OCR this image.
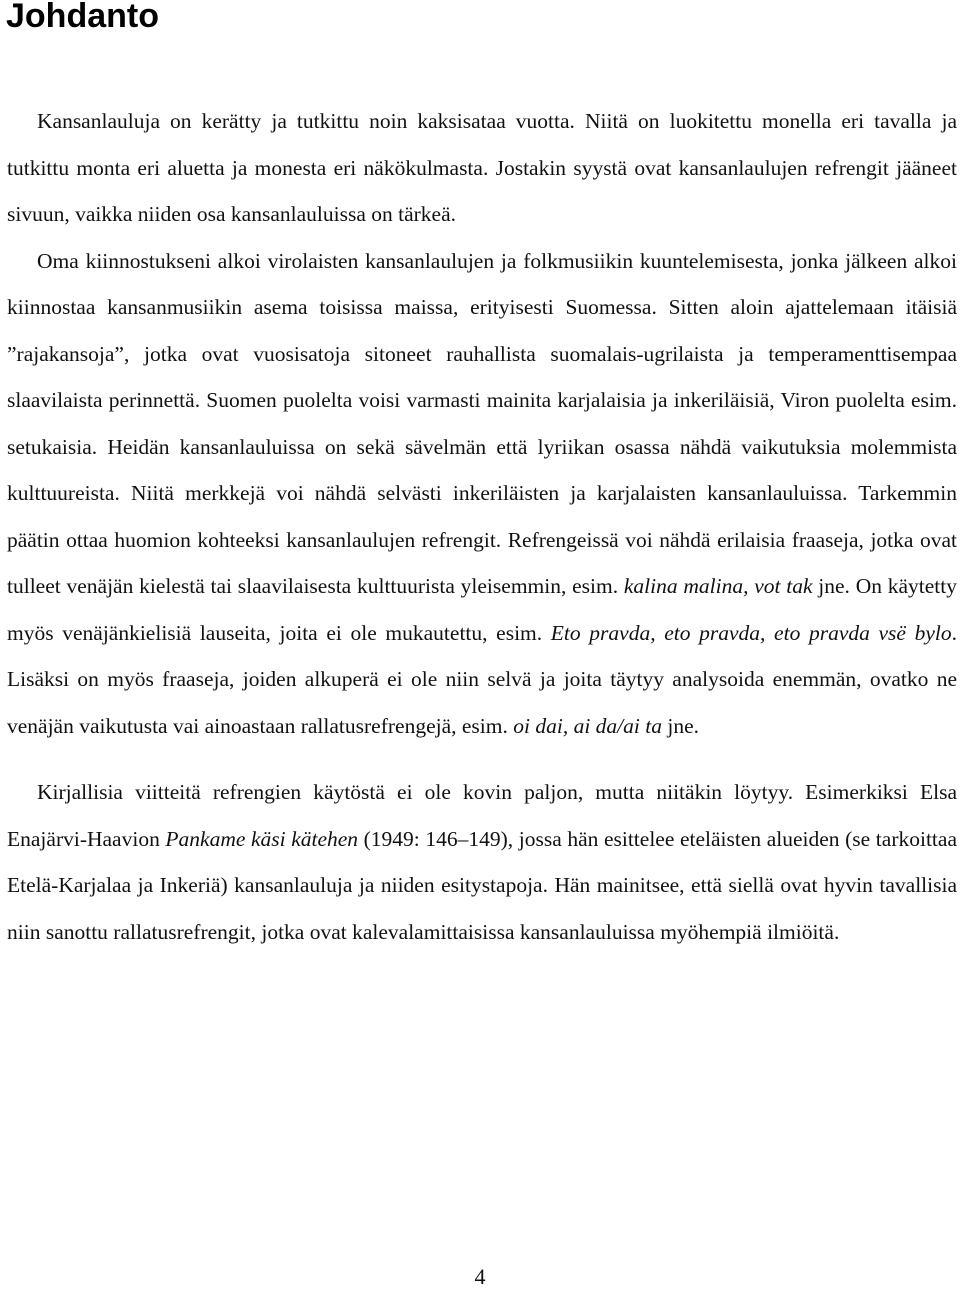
Johdanto

Kansanlauluja on kerätty ja tutkittu noin kaksisataa vuotta. Niitä on luokitettu monella eri tavalla ja tutkittu monta eri aluetta ja monesta eri näkökulmasta. Jostakin syystä ovat kansanlaulujen refrengit jääneet sivuun, vaikka niiden osa kansanlauluissa on tärkeä.

Oma kiinnostukseni alkoi virolaisten kansanlaulujen ja folkmusiikin kuuntelemisesta, jonka jälkeen alkoi kiinnostaa kansanmusiikin asema toisissa maissa, erityisesti Suomessa. Sitten aloin ajattelemaan itäisiä ”rajakansoja”, jotka ovat vuosisatoja sitoneet rauhallista suomalais-ugrilaista ja temperamenttisempaa slaavilaista perinnettä. Suomen puolelta voisi varmasti mainita karjalaisia ja inkeriläisiä, Viron puolelta esim. setukaisia. Heidän kansanlauluissa on sekä sävelmän että lyriikan osassa nähdä vaikutuksia molemmista kulttuureista. Niitä merkkejä voi nähdä selvästi inkeriläisten ja karjalaisten kansanlauluissa. Tarkemmin päätin ottaa huomion kohteeksi kansanlaulujen refrengit. Refrengeissä voi nähdä erilaisia fraaseja, jotka ovat tulleet venäjän kielestä tai slaavilaisesta kulttuurista yleisemmin, esim. kalina malina, vot tak jne. On käytetty myös venäjänkielisiä lauseita, joita ei ole mukautettu, esim. Eto pravda, eto pravda, eto pravda vsë bylo. Lisäksi on myös fraaseja, joiden alkuperä ei ole niin selvä ja joita täytyy analysoida enemmän, ovatko ne venäjän vaikutusta vai ainoastaan rallatusrefrengejä, esim. oi dai, ai da/ai ta jne.

Kirjallisia viitteitä refrengien käytöstä ei ole kovin paljon, mutta niitäkin löytyy. Esimerkiksi Elsa Enajärvi-Haavion Pankame käsi kätehen (1949: 146–149), jossa hän esittelee eteläisten alueiden (se tarkoittaa Etelä-Karjalaa ja Inkeriä) kansanlauluja ja niiden esitystapoja. Hän mainitsee, että siellä ovat hyvin tavallisia niin sanottu rallatusrefrengit, jotka ovat kalevalamittaisissa kansanlauluissa myöhempiä ilmiöitä.

4
